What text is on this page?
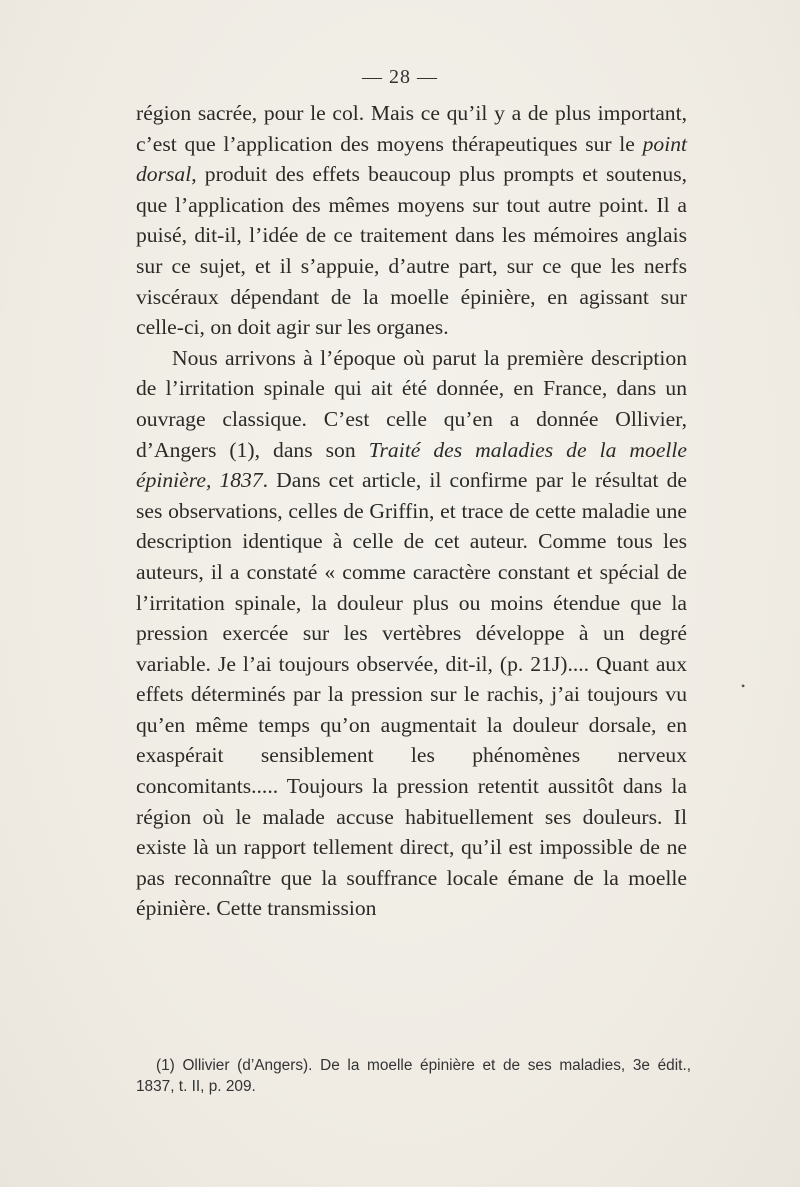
— 28 —

région sacrée, pour le col. Mais ce qu’il y a de plus important, c’est que l’application des moyens thérapeutiques sur le point dorsal, produit des effets beaucoup plus prompts et soutenus, que l’application des mêmes moyens sur tout autre point. Il a puisé, dit-il, l’idée de ce traitement dans les mémoires anglais sur ce sujet, et il s’appuie, d’autre part, sur ce que les nerfs viscéraux dépendant de la moelle épinière, en agissant sur celle-ci, on doit agir sur les organes.

Nous arrivons à l’époque où parut la première description de l’irritation spinale qui ait été donnée, en France, dans un ouvrage classique. C’est celle qu’en a donnée Ollivier, d’Angers (1), dans son Traité des maladies de la moelle épinière, 1837. Dans cet article, il confirme par le résultat de ses observations, celles de Griffin, et trace de cette maladie une description identique à celle de cet auteur. Comme tous les auteurs, il a constaté « comme caractère constant et spécial de l’irritation spinale, la douleur plus ou moins étendue que la pression exercée sur les vertèbres développe à un degré variable. Je l’ai toujours observée, dit-il, (p. 21J).... Quant aux effets déterminés par la pression sur le rachis, j’ai toujours vu qu’en même temps qu’on augmentait la douleur dorsale, en exaspérait sensiblement les phénomènes nerveux concomitants..... Toujours la pression retentit aussitôt dans la région où le malade accuse habituellement ses douleurs. Il existe là un rapport tellement direct, qu’il est impossible de ne pas reconnaître que la souffrance locale émane de la moelle épinière. Cette transmission

•

(1) Ollivier (d’Angers). De la moelle épinière et de ses maladies, 3e édit., 1837, t. II, p. 209.
